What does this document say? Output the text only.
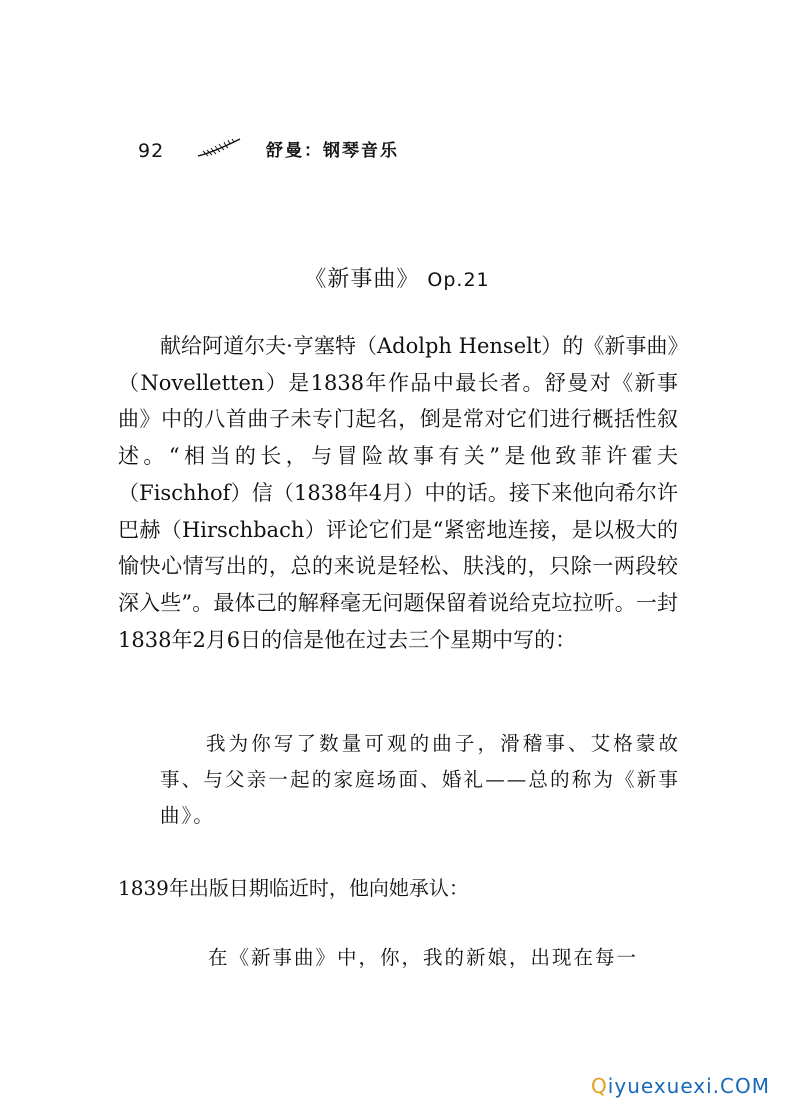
92	舒曼：钢琴音乐
《新事曲》 Op.21

献给阿道尔夫·亨塞特（Adolph Henselt）的《新事曲》（Novelletten）是1838年作品中最长者。舒曼对《新事曲》中的八首曲子未专门起名，倒是常对它们进行概括性叙述。“相当的长，与冒险故事有关”是他致菲许霍夫（Fischhof）信（1838年4月）中的话。接下来他向希尔许巴赫（Hirschbach）评论它们是“紧密地连接，是以极大的愉快心情写出的，总的来说是轻松、肤浅的，只除一两段较深入些”。最体己的解释毫无问题保留着说给克垃拉听。一封1838年2月6日的信是他在过去三个星期中写的：

我为你写了数量可观的曲子，滑稽事、艾格蒙故事、与父亲一起的家庭场面、婚礼——总的称为《新事曲》。

1839年出版日期临近时，他向她承认：

在《新事曲》中，你，我的新娘，出现在每一

Qiyuexuexi.COM
